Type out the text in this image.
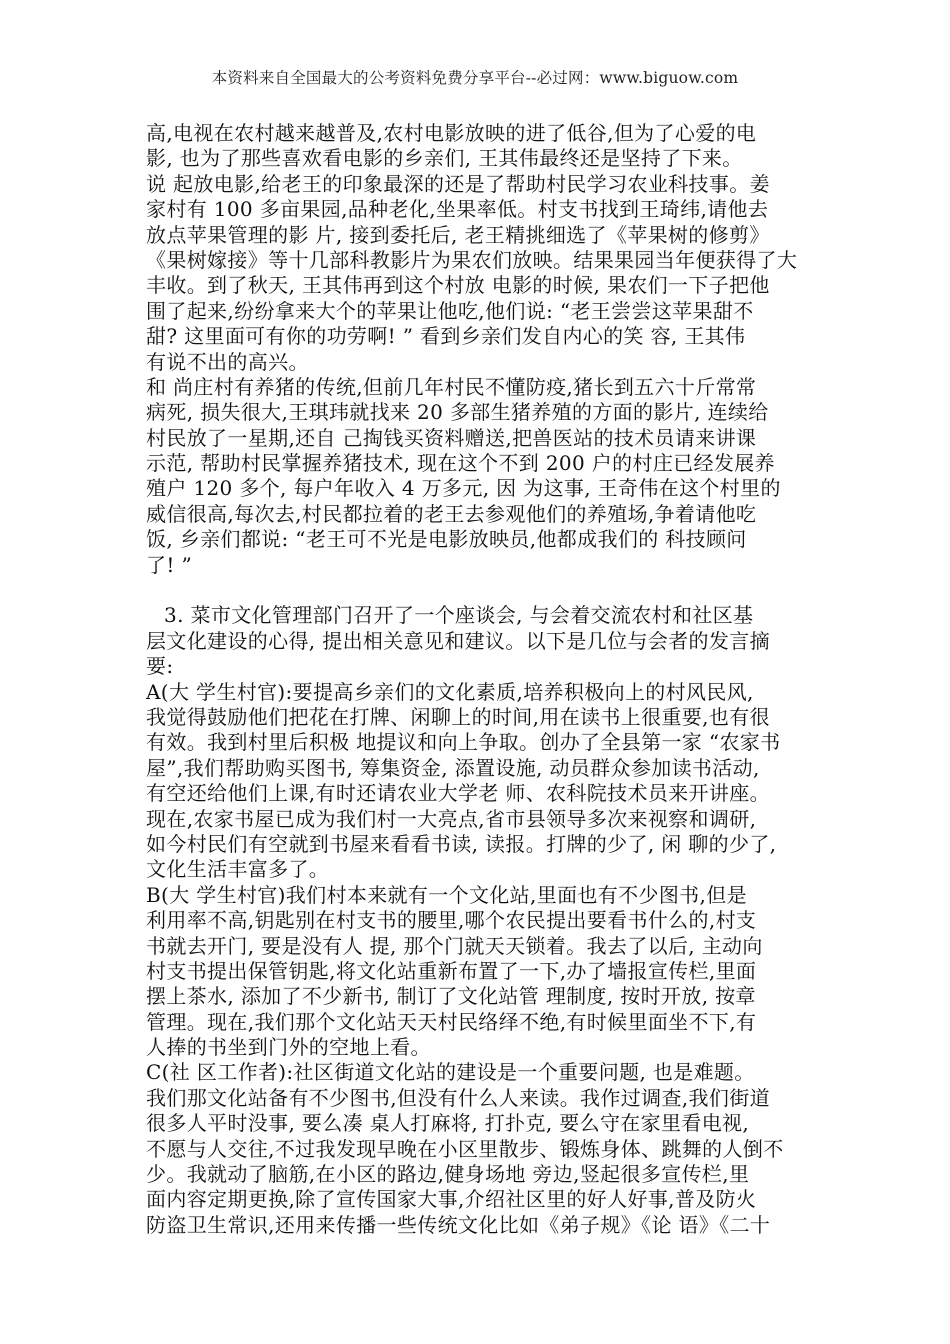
本资料来自全国最大的公考资料免费分享平台--必过网：www.biguow.com
高,电视在农村越来越普及,农村电影放映的进了低谷,但为了心爱的电
影, 也为了那些喜欢看电影的乡亲们, 王其伟最终还是坚持了下来。
说 起放电影,给老王的印象最深的还是了帮助村民学习农业科技事。姜
家村有 100 多亩果园,品种老化,坐果率低。村支书找到王琦纬,请他去
放点苹果管理的影 片, 接到委托后, 老王精挑细选了《苹果树的修剪》
《果树嫁接》等十几部科教影片为果农们放映。结果果园当年便获得了大
丰收。到了秋天, 王其伟再到这个村放 电影的时候, 果农们一下子把他
围了起来,纷纷拿来大个的苹果让他吃,他们说: “老王尝尝这苹果甜不
甜? 这里面可有你的功劳啊! ” 看到乡亲们发自内心的笑 容, 王其伟
有说不出的高兴。
和 尚庄村有养猪的传统,但前几年村民不懂防疫,猪长到五六十斤常常
病死, 损失很大,王琪玮就找来 20 多部生猪养殖的方面的影片, 连续给
村民放了一星期,还自 己掏钱买资料赠送,把兽医站的技术员请来讲课
示范, 帮助村民掌握养猪技术, 现在这个不到 200 户的村庄已经发展养
殖户 120 多个, 每户年收入 4 万多元, 因 为这事, 王奇伟在这个村里的
威信很高,每次去,村民都拉着的老王去参观他们的养殖场,争着请他吃
饭, 乡亲们都说: “老王可不光是电影放映员,他都成我们的 科技顾问
了! ”
3. 菜市文化管理部门召开了一个座谈会, 与会着交流农村和社区基
层文化建设的心得, 提出相关意见和建议。以下是几位与会者的发言摘
要:
A(大 学生村官):要提高乡亲们的文化素质,培养积极向上的村风民风,
我觉得鼓励他们把花在打牌、闲聊上的时间,用在读书上很重要,也有很
有效。我到村里后积极 地提议和向上争取。创办了全县第一家 “农家书
屋”,我们帮助购买图书, 筹集资金, 添置设施, 动员群众参加读书活动,
有空还给他们上课,有时还请农业大学老 师、农科院技术员来开讲座。
现在,农家书屋已成为我们村一大亮点,省市县领导多次来视察和调研,
如今村民们有空就到书屋来看看书读, 读报。打牌的少了, 闲 聊的少了,
文化生活丰富多了。
B(大 学生村官)我们村本来就有一个文化站,里面也有不少图书,但是
利用率不高,钥匙别在村支书的腰里,哪个农民提出要看书什么的,村支
书就去开门, 要是没有人 提, 那个门就天天锁着。我去了以后, 主动向
村支书提出保管钥匙,将文化站重新布置了一下,办了墙报宣传栏,里面
摆上茶水, 添加了不少新书, 制订了文化站管 理制度, 按时开放, 按章
管理。现在,我们那个文化站天天村民络绎不绝,有时候里面坐不下,有
人捧的书坐到门外的空地上看。
C(社 区工作者):社区街道文化站的建设是一个重要问题, 也是难题。
我们那文化站备有不少图书,但没有什么人来读。我作过调查,我们街道
很多人平时没事, 要么凑 桌人打麻将, 打扑克, 要么守在家里看电视,
不愿与人交往,不过我发现早晚在小区里散步、锻炼身体、跳舞的人倒不
少。我就动了脑筋,在小区的路边,健身场地 旁边,竖起很多宣传栏,里
面内容定期更换,除了宣传国家大事,介绍社区里的好人好事,普及防火
防盗卫生常识,还用来传播一些传统文化比如《弟子规》《论 语》《二十
